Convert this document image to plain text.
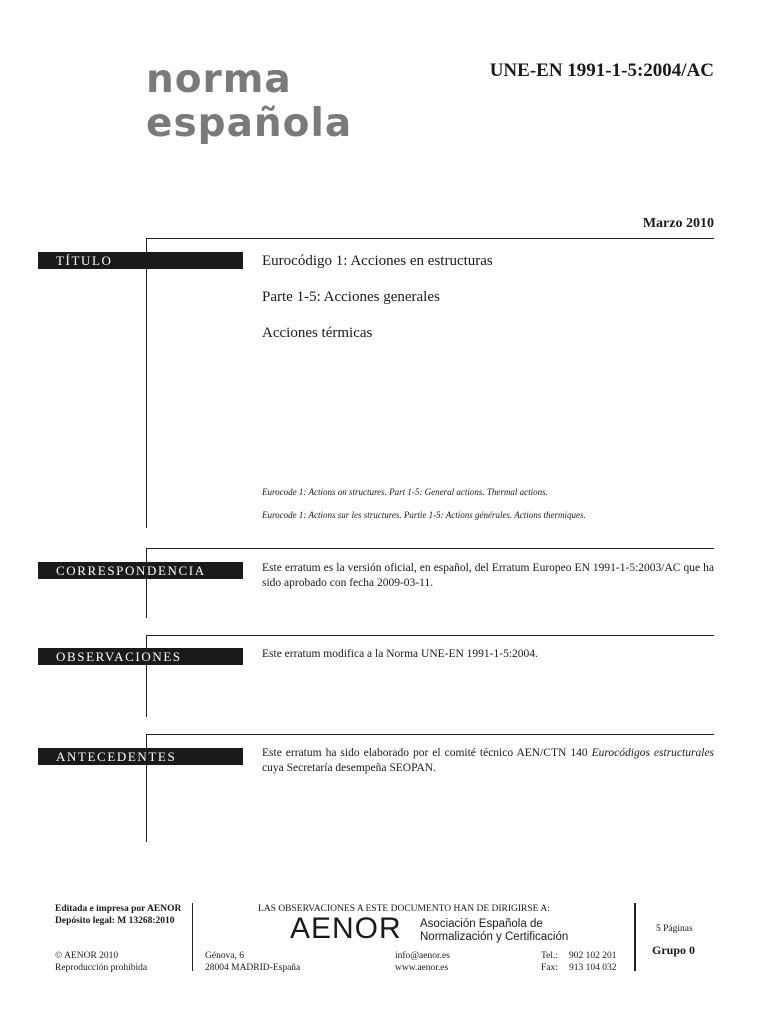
norma
española
UNE-EN 1991-1-5:2004/AC
Marzo 2010
TÍTULO	Eurocódigo 1: Acciones en estructuras
Parte 1-5: Acciones generales
Acciones térmicas
Eurocode 1: Actions on structures. Part 1-5: General actions. Thermal actions.
Eurocode 1: Actions sur les structures. Partie 1-5: Actions générales. Actions thermiques.
CORRESPONDENCIA	Este erratum es la versión oficial, en español, del Erratum Europeo EN 1991-1-5:2003/AC que ha sido aprobado con fecha 2009-03-11.
OBSERVACIONES	Este erratum modifica a la Norma UNE-EN 1991-1-5:2004.
ANTECEDENTES	Este erratum ha sido elaborado por el comité técnico AEN/CTN 140 Eurocódigos estructurales cuya Secretaría desempeña SEOPAN.
Editada e impresa por AENOR
Depósito legal: M 13268:2010
© AENOR 2010
Reproducción prohibida
LAS OBSERVACIONES A ESTE DOCUMENTO HAN DE DIRIGIRSE A:
AENOR Asociación Española de
Normalización y Certificación
Génova, 6
28004 MADRID-España
info@aenor.es
www.aenor.es
Tel.: 902 102 201
Fax: 913 104 032
5 Páginas
Grupo 0
